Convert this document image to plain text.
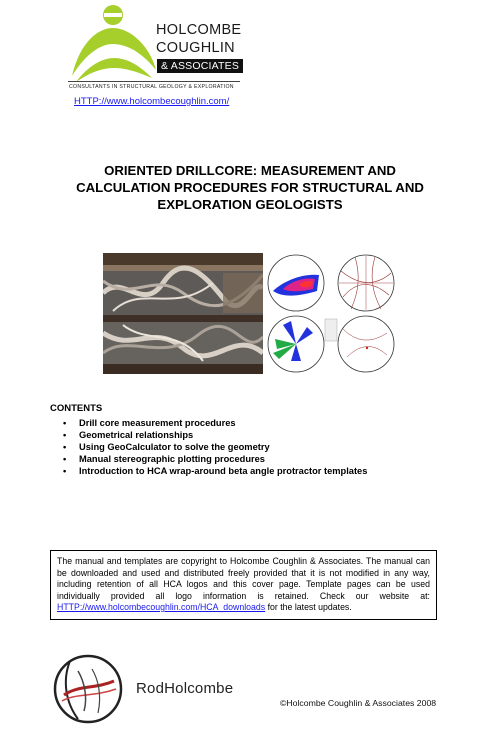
HOLCOMBE
COUGHLIN
& ASSOCIATES
CONSULTANTS IN STRUCTURAL GEOLOGY & EXPLORATION
HTTP://www.holcombecoughlin.com/
ORIENTED DRILLCORE: MEASUREMENT AND
CALCULATION PROCEDURES FOR STRUCTURAL AND
EXPLORATION GEOLOGISTS
CONTENTS
• Drill core measurement procedures
• Geometrical relationships
• Using GeoCalculator to solve the geometry
• Manual stereographic plotting procedures
• Introduction to HCA wrap-around beta angle protractor templates
The manual and templates are copyright to Holcombe Coughlin & Associates. The manual can be downloaded and used and distributed freely provided that it is not modified in any way, including retention of all HCA logos and this cover page. Template pages can be used individually provided all logo information is retained. Check our website at: HTTP://www.holcombecoughlin.com/HCA_downloads for the latest updates.
RodHolcombe
©Holcombe Coughlin & Associates 2008
